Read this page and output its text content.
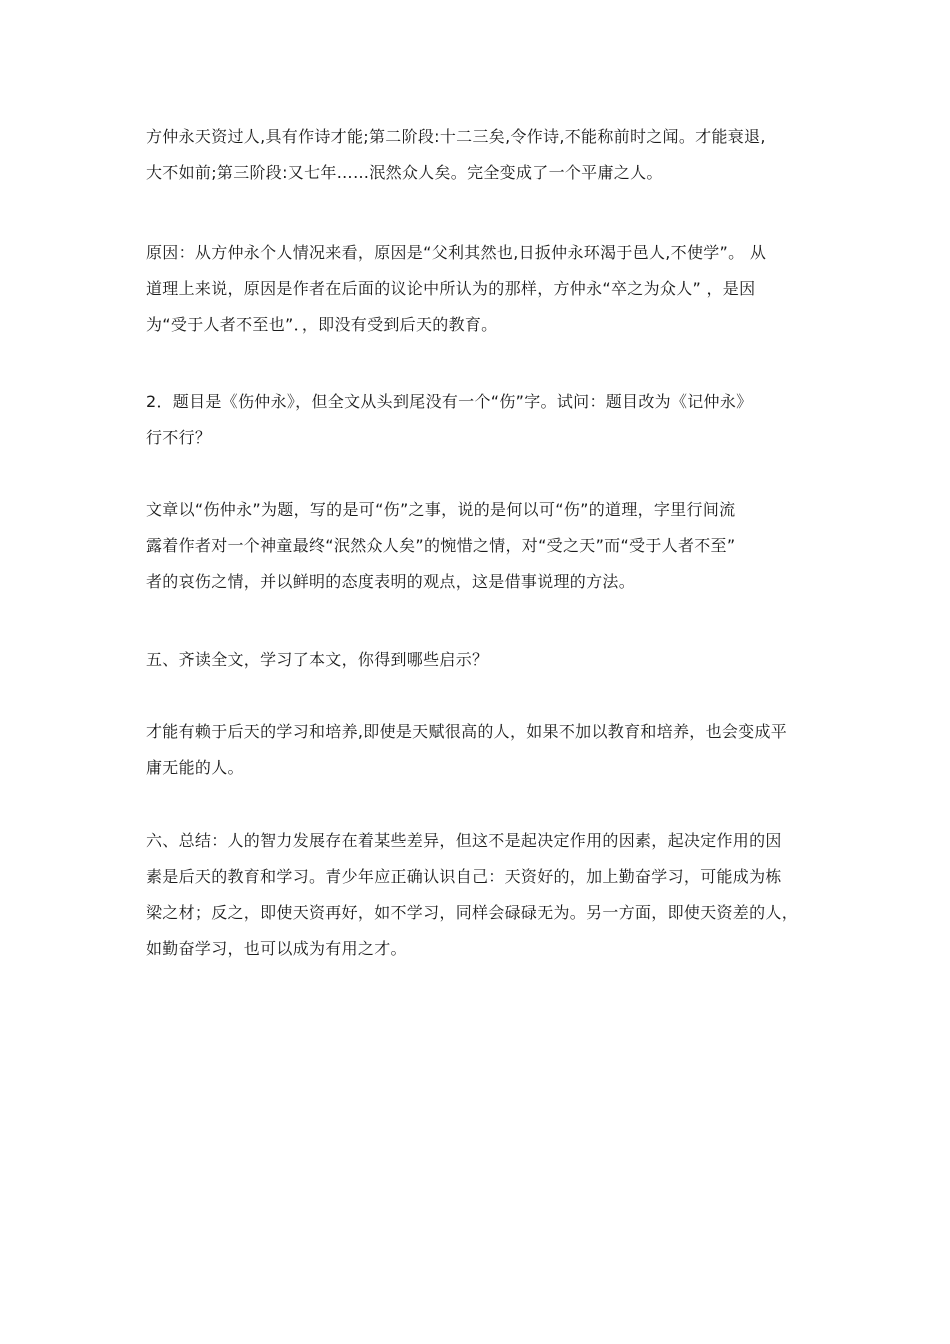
方仲永天资过人,具有作诗才能;第二阶段:十二三矣,令作诗,不能称前时之闻。才能衰退,
大不如前;第三阶段:又七年……泯然众人矣。完全变成了一个平庸之人。

原因：从方仲永个人情况来看，原因是“父利其然也,日扳仲永环渴于邑人,不使学”。 从
道理上来说，原因是作者在后面的议论中所认为的那样，方仲永“卒之为众人” ，是因
为“受于人者不至也”．，即没有受到后天的教育。

2．题目是《伤仲永》，但全文从头到尾没有一个“伤”字。试问：题目改为《记仲永》
行不行？

文章以“伤仲永”为题，写的是可“伤”之事，说的是何以可“伤”的道理，字里行间流
露着作者对一个神童最终“泯然众人矣”的惋惜之情，对“受之天”而“受于人者不至”
者的哀伤之情，并以鲜明的态度表明的观点，这是借事说理的方法。

五、齐读全文，学习了本文，你得到哪些启示？

才能有赖于后天的学习和培养,即使是天赋很高的人，如果不加以教育和培养，也会变成平
庸无能的人。

六、总结：人的智力发展存在着某些差异，但这不是起决定作用的因素，起决定作用的因
素是后天的教育和学习。青少年应正确认识自己：天资好的，加上勤奋学习，可能成为栋
梁之材；反之，即使天资再好，如不学习，同样会碌碌无为。另一方面，即使天资差的人，
如勤奋学习，也可以成为有用之才。
